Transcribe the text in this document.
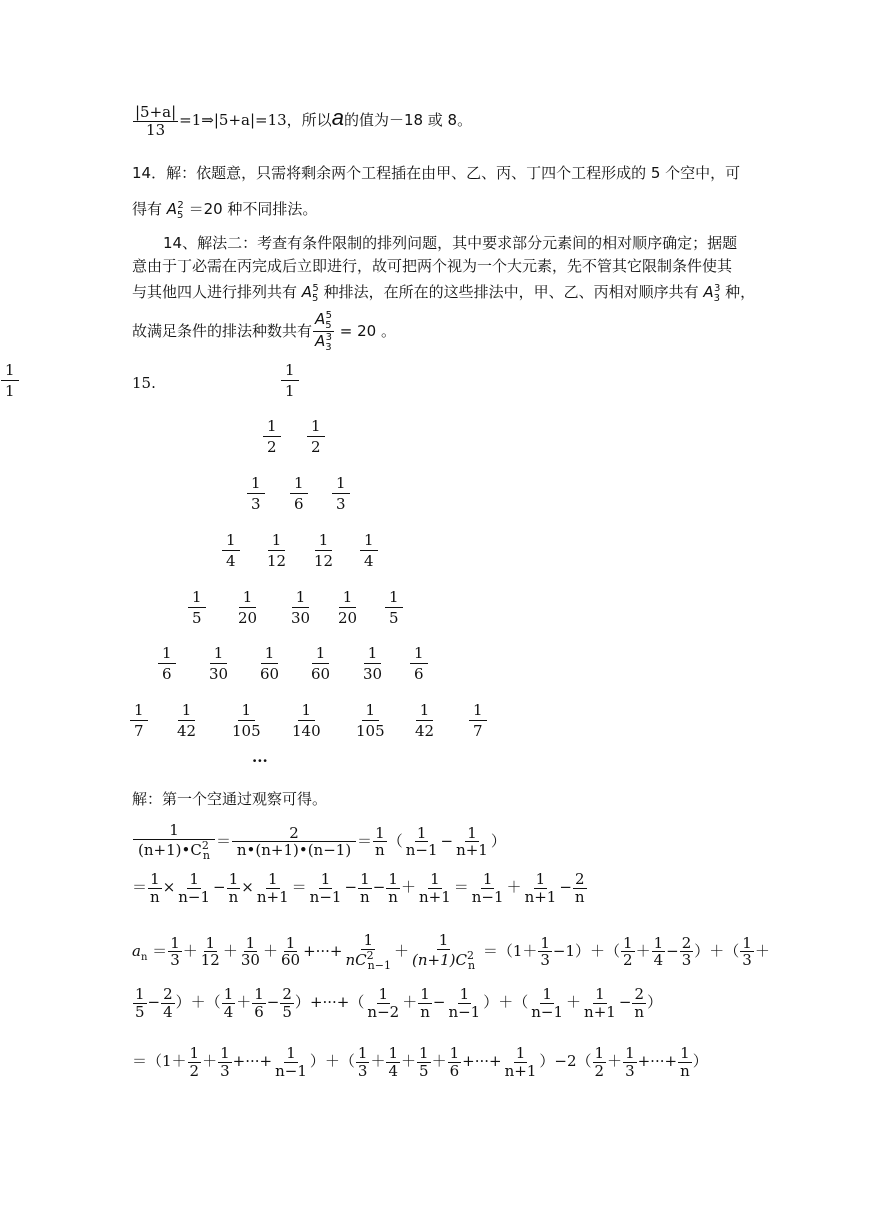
$\frac{|5+a|}{13}$ =1⇒|5+a|=13，所以a的值为－18 或 8。
14．解：依题意，只需将剩余两个工程插在由甲、乙、丙、丁四个工程形成的 5 个空中，可
得有 $A_5^2 =20$ 种不同排法。
14、解法二：考查有条件限制的排列问题，其中要求部分元素间的相对顺序确定；据题
意由于丁必需在丙完成后立即进行，故可把两个视为一个大元素，先不管其它限制条件使其
与其他四人进行排列共有 $A_5^5$ 种排法，在所在的这些排法中，甲、乙、丙相对顺序共有 $A_3^3$ 种，
故满足条件的排法种数共有 $\frac{A_5^5}{A_3^3} = 20$ 。
15.	$\frac{1}{1}$
$\frac{1}{1}$
$\frac{1}{2} \frac{1}{2}$
$\frac{1}{3} \frac{1}{6} \frac{1}{3}$
$\frac{1}{4} \frac{1}{12} \frac{1}{12} \frac{1}{4}$
$\frac{1}{5} \frac{1}{20} \frac{1}{30} \frac{1}{20} \frac{1}{5}$
$\frac{1}{6} \frac{1}{30} \frac{1}{60} \frac{1}{60} \frac{1}{30} \frac{1}{6}$
$\frac{1}{7} \frac{1}{42} \frac{1}{105} \frac{1}{140} \frac{1}{105} \frac{1}{42} \frac{1}{7}$
···
解：第一个空通过观察可得。
$\frac{1}{(n+1)•C^2_n} = \frac{2}{n•(n+1)•(n-1)} = \frac{1}{n}$ （ $\frac{1}{n-1} - \frac{1}{n+1}$ ）
＝ $\frac{1}{n} \times \frac{1}{n-1} - \frac{1}{n} \times \frac{1}{n+1} = \frac{1}{n-1} - \frac{1}{n} - \frac{1}{n} + \frac{1}{n+1} = \frac{1}{n-1} + \frac{1}{n+1} - \frac{2}{n}$
$a_n = \frac{1}{3} + \frac{1}{12} + \frac{1}{30} + \frac{1}{60}$ +···+ $\frac{1}{nC^2_{n-1}} + \frac{1}{(n+1)C^2_n} =(1+ \frac{1}{3} -1)+( \frac{1}{2} + \frac{1}{4} - \frac{2}{3}$ ）＋（ $\frac{1}{3}$ ＋
$\frac{1}{5} - \frac{2}{4}$ ）＋（ $\frac{1}{4} + \frac{1}{6} - \frac{2}{5}$ ）+···+（ $\frac{1}{n-2} + \frac{1}{n} - \frac{1}{n-1}$ ）＋（ $\frac{1}{n-1} + \frac{1}{n+1} - \frac{2}{n}$ ）
$=(1+ \frac{1}{2} + \frac{1}{3}$ +···+ $\frac{1}{n-1}$ ）＋（ $\frac{1}{3} + \frac{1}{4} + \frac{1}{5} + \frac{1}{6}$ +···+ $\frac{1}{n+1} )-2( \frac{1}{2} + \frac{1}{3}$ +···+ $\frac{1}{n}$ ）
